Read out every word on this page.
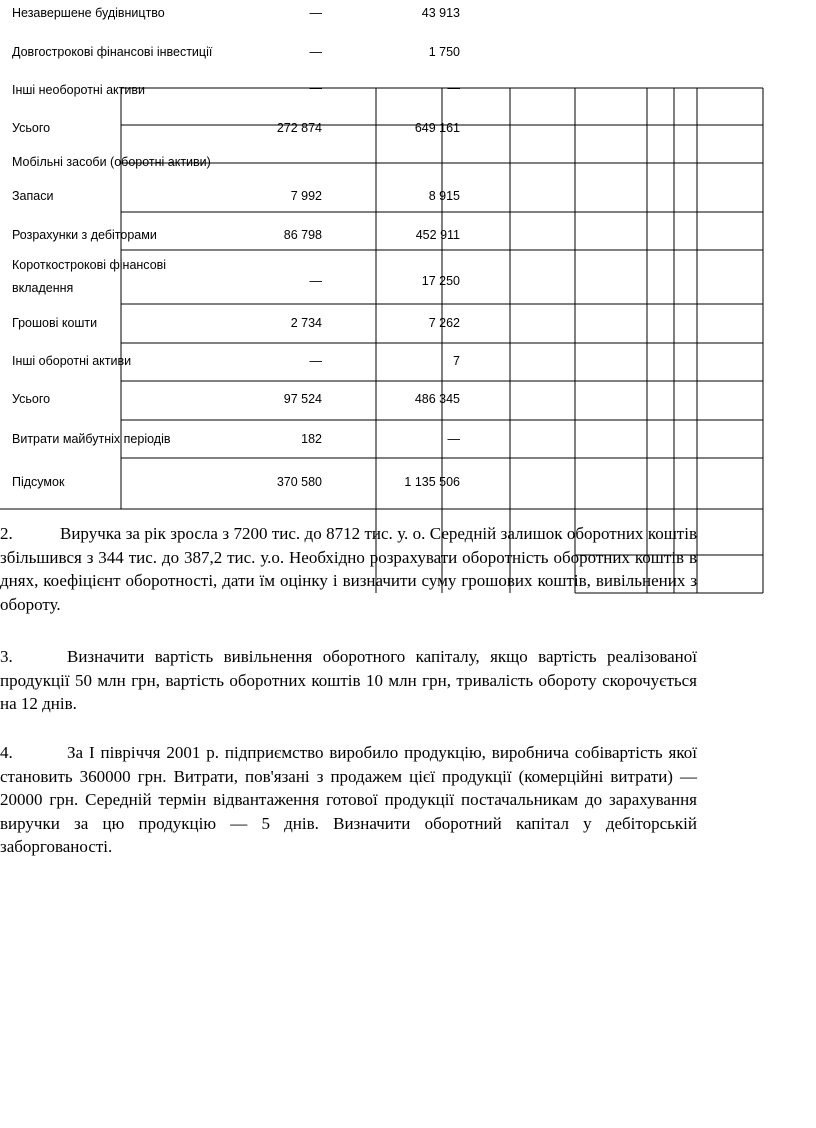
Незавершене будівництво	—	43 913
Довгострокові фінансові інвестиції	—	1 750
Інші необоротні активи	—	—
Усього	272 874	649 161
Мобільні засоби (оборотні активи)
Запаси	7 992	8 915
Розрахунки з дебіторами	86 798	452 911
Короткострокові фінансові
вкладення	—	17 250
Грошові кошти	2 734	7 262
Інші оборотні активи	—	7
Усього	97 524	486 345
Витрати майбутніх періодів	182	—
Підсумок	370 580	1 135 506
2.	Виручка за рік зросла з 7200 тис. до 8712 тис. у. о. Середній залишок оборотних коштів збільшився з 344 тис. до 387,2 тис. у.о. Необхідно розрахувати оборотність оборотних коштів в днях, коефіцієнт оборотності, дати їм оцінку і визначити суму грошових коштів, вивільнених з обороту.
3.	Визначити вартість вивільнення оборотного капіталу, якщо вартість реалізованої продукції 50 млн грн, вартість оборотних коштів 10 млн грн, тривалість обороту скорочується на 12 днів.
4.	За І півріччя 2001 р. підприємство виробило продукцію, виробнича собівартість якої становить 360000 грн. Витрати, пов'язані з продажем цієї продукції (комерційні витрати) — 20000 грн. Середній термін відвантаження готової продукції постачальникам до зарахування виручки за цю продукцію — 5 днів. Визначити оборотний капітал у дебіторській заборгованості.
